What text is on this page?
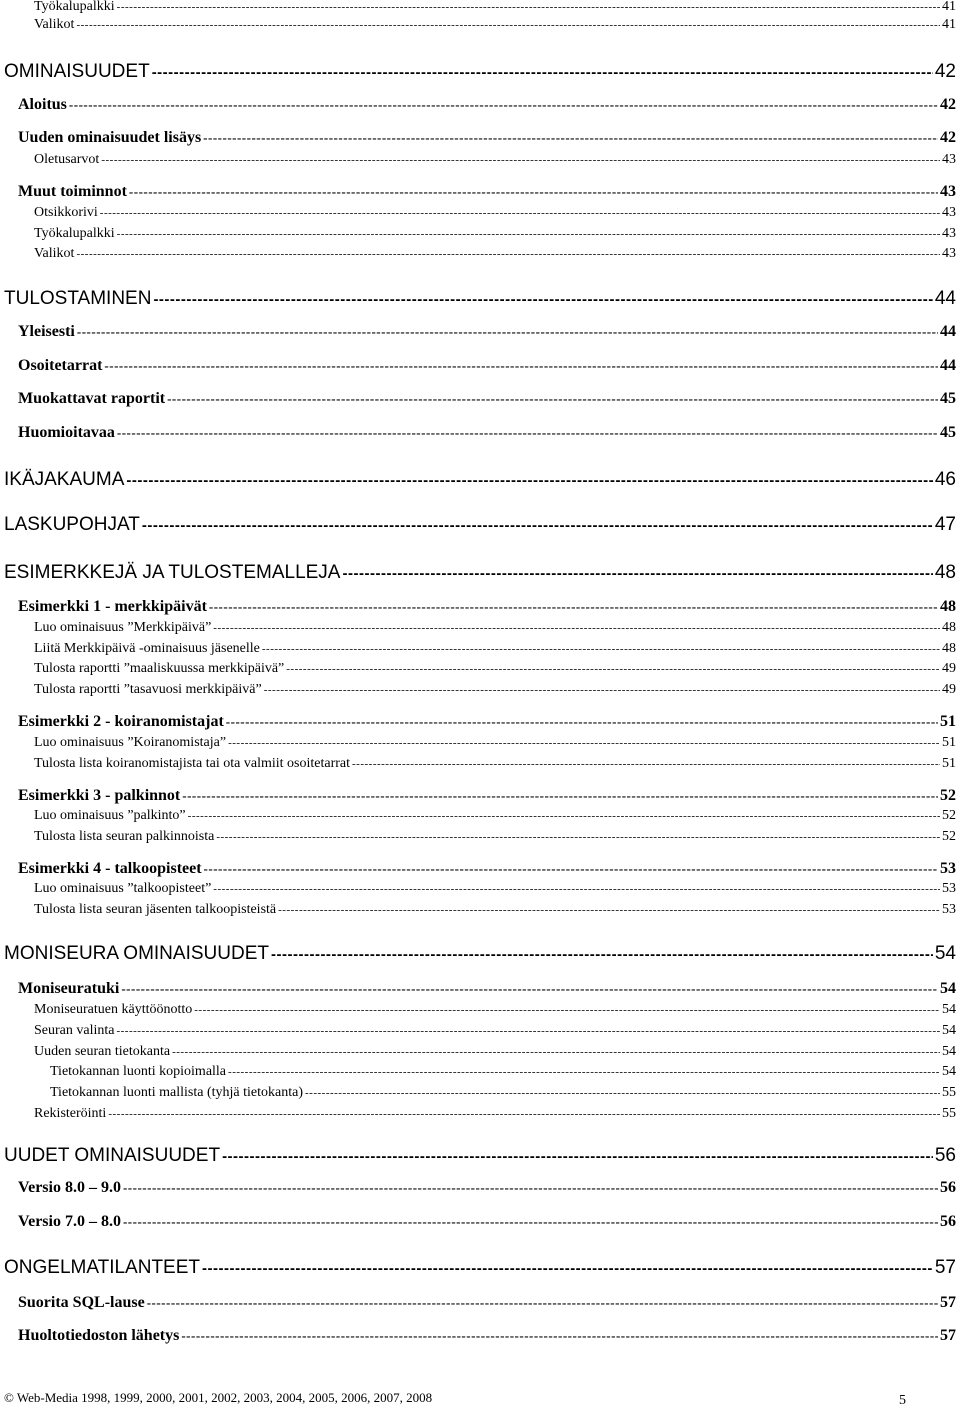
Työkalupalkki -----	41
Valikot -----	41
OMINAISUUDET -----	42
Aloitus -----	42
Uuden ominaisuudet lisäys -----	42
Oletusarvot -----	43
Muut toiminnot -----	43
Otsikkorivi -----	43
Työkalupalkki -----	43
Valikot -----	43
TULOSTAMINEN -----	44
Yleisesti -----	44
Osoitetarrat -----	44
Muokattavat raportit -----	45
Huomioitavaa -----	45
IKÄJAKAUMA -----	46
LASKUPOHJAT -----	47
ESIMERKKEJÄ JA TULOSTEMALLEJA -----	48
Esimerkki 1 - merkkipäivät -----	48
Luo ominaisuus ”Merkkipäivä” -----	48
Liitä Merkkipäivä -ominaisuus jäsenelle -----	48
Tulosta raportti ”maaliskuussa merkkipäivä” -----	49
Tulosta raportti ”tasavuosi merkkipäivä” -----	49
Esimerkki 2 - koiranomistajat -----	51
Luo ominaisuus ”Koiranomistaja” -----	51
Tulosta lista koiranomistajista tai ota valmiit osoitetarrat -----	51
Esimerkki 3 - palkinnot -----	52
Luo ominaisuus ”palkinto” -----	52
Tulosta lista seuran palkinnoista -----	52
Esimerkki 4 - talkoopisteet -----	53
Luo ominaisuus ”talkoopisteet” -----	53
Tulosta lista seuran jäsenten talkoopisteistä -----	53
MONISEURA OMINAISUUDET -----	54
Moniseuratuki -----	54
Moniseuratuen käyttöönotto -----	54
Seuran valinta -----	54
Uuden seuran tietokanta -----	54
Tietokannan luonti kopioimalla -----	54
Tietokannan luonti mallista (tyhjä tietokanta) -----	55
Rekisteröinti -----	55
UUDET OMINAISUUDET -----	56
Versio 8.0 – 9.0 -----	56
Versio 7.0 – 8.0 -----	56
ONGELMATILANTEET -----	57
Suorita SQL-lause -----	57
Huoltotiedoston lähetys -----	57
© Web-Media 1998, 1999, 2000, 2001, 2002, 2003, 2004, 2005, 2006, 2007, 2008	5
